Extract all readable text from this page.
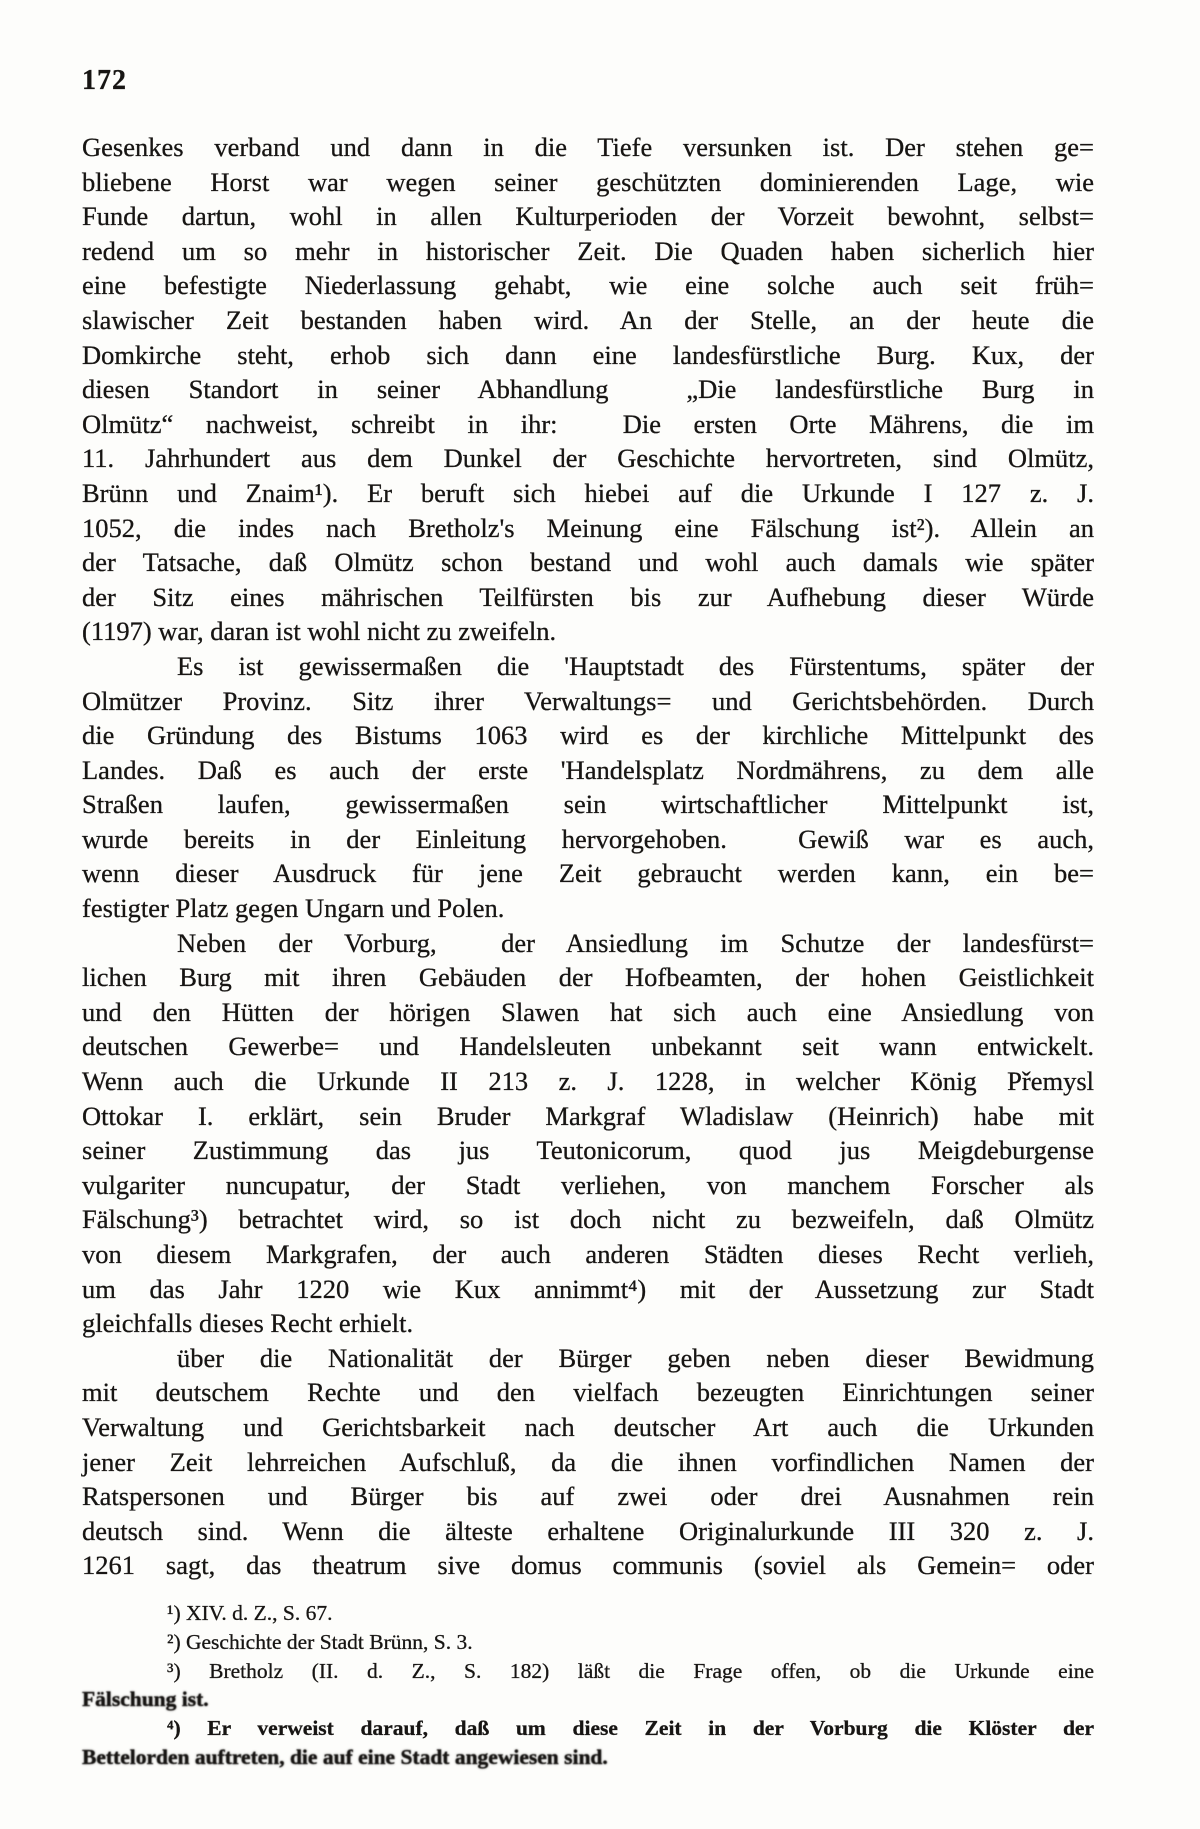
172
Gesenkes verband und dann in die Tiefe versunken ist. Der stehen ge=
bliebene Horst war wegen seiner geschützten dominierenden Lage, wie
Funde dartun, wohl in allen Kulturperioden der Vorzeit bewohnt, selbst=
redend um so mehr in historischer Zeit. Die Quaden haben sicherlich hier
eine befestigte Niederlassung gehabt, wie eine solche auch seit früh=
slawischer Zeit bestanden haben wird. An der Stelle, an der heute die
Domkirche steht, erhob sich dann eine landesfürstliche Burg. Kux, der
diesen Standort in seiner Abhandlung  „Die landesfürstliche Burg in
Olmütz“ nachweist, schreibt in ihr:  Die ersten Orte Mährens, die im
11. Jahrhundert aus dem Dunkel der Geschichte hervortreten, sind Olmütz,
Brünn und Znaim¹). Er beruft sich hiebei auf die Urkunde I 127 z. J.
1052, die indes nach Bretholz's Meinung eine Fälschung ist²). Allein an
der Tatsache, daß Olmütz schon bestand und wohl auch damals wie später
der Sitz eines mährischen Teilfürsten bis zur Aufhebung dieser Würde
(1197) war, daran ist wohl nicht zu zweifeln.
Es ist gewissermaßen die 'Hauptstadt des Fürstentums, später der
Olmützer Provinz. Sitz ihrer Verwaltungs= und Gerichtsbehörden. Durch
die Gründung des Bistums 1063 wird es der kirchliche Mittelpunkt des
Landes. Daß es auch der erste 'Handelsplatz Nordmährens, zu dem alle
Straßen laufen, gewissermaßen sein wirtschaftlicher Mittelpunkt ist,
wurde bereits in der Einleitung hervorgehoben.  Gewiß war es auch,
wenn dieser Ausdruck für jene Zeit gebraucht werden kann, ein be=
festigter Platz gegen Ungarn und Polen.
Neben der Vorburg,  der Ansiedlung im Schutze der landesfürst=
lichen Burg mit ihren Gebäuden der Hofbeamten, der hohen Geistlichkeit
und den Hütten der hörigen Slawen hat sich auch eine Ansiedlung von
deutschen Gewerbe= und Handelsleuten unbekannt seit wann entwickelt.
Wenn auch die Urkunde II 213 z. J. 1228, in welcher König Přemysl
Ottokar I. erklärt, sein Bruder Markgraf Wladislaw (Heinrich) habe mit
seiner Zustimmung das jus Teutonicorum, quod jus Meigdeburgense
vulgariter nuncupatur, der Stadt verliehen, von manchem Forscher als
Fälschung³) betrachtet wird, so ist doch nicht zu bezweifeln, daß Olmütz
von diesem Markgrafen, der auch anderen Städten dieses Recht verlieh,
um das Jahr 1220 wie Kux annimmt⁴) mit der Aussetzung zur Stadt
gleichfalls dieses Recht erhielt.
über die Nationalität der Bürger geben neben dieser Bewidmung
mit deutschem Rechte und den vielfach bezeugten Einrichtungen seiner
Verwaltung und Gerichtsbarkeit nach deutscher Art auch die Urkunden
jener Zeit lehrreichen Aufschluß, da die ihnen vorfindlichen Namen der
Ratspersonen und Bürger bis auf zwei oder drei Ausnahmen rein
deutsch sind. Wenn die älteste erhaltene Originalurkunde III 320 z. J.
1261 sagt, das theatrum sive domus communis (soviel als Gemein= oder
¹) XIV. d. Z., S. 67.
²) Geschichte der Stadt Brünn, S. 3.
³) Bretholz (II. d. Z., S. 182) läßt die Frage offen, ob die Urkunde eine
Fälschung ist.
⁴) Er verweist darauf, daß um diese Zeit in der Vorburg die Klöster der
Bettelorden auftreten, die auf eine Stadt angewiesen sind.
